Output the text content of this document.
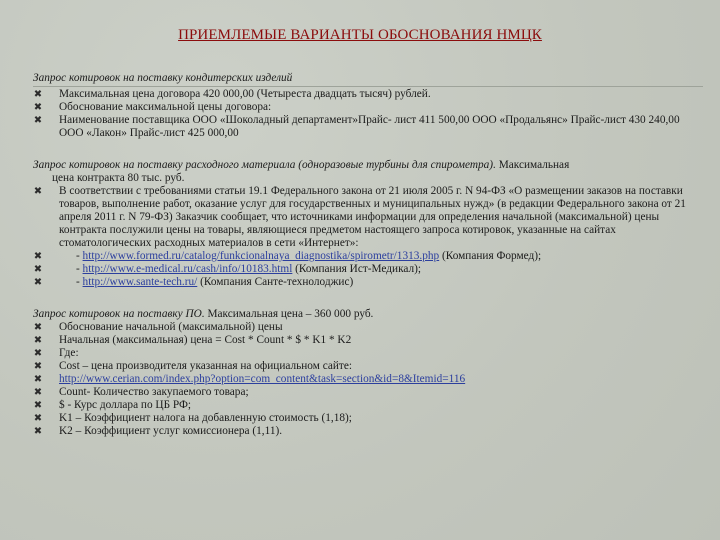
ПРИЕМЛЕМЫЕ ВАРИАНТЫ ОБОСНОВАНИЯ НМЦК
Запрос котировок на поставку кондитерских изделий
✖ Максимальная цена договора 420 000,00 (Четыреста двадцать тысяч) рублей.
✖ Обоснование максимальной цены договора:
✖ Наименование поставщика ООО «Шоколадный департамент»Прайс- лист 411 500,00 ООО «Продальянс» Прайс-лист 430 240,00 ООО «Лакон» Прайс-лист 425 000,00
Запрос котировок на поставку расходного материала (одноразовые турбины для спирометра). Максимальная
цена контракта 80 тыс. руб.
✖ В соответствии с требованиями статьи 19.1 Федерального закона от 21 июля 2005 г. N 94-ФЗ «О размещении заказов на поставки товаров, выполнение работ, оказание услуг для государственных и муниципальных нужд» (в редакции Федерального закона от 21 апреля 2011 г. N 79-ФЗ) Заказчик сообщает, что источниками информации для определения начальной (максимальной) цены контракта послужили цены на товары, являющиеся предметом настоящего запроса котировок, указанные на сайтах стоматологических расходных материалов в сети «Интернет»:
✖	- http://www.formed.ru/catalog/funkcionalnaya_diagnostika/spirometr/1313.php (Компания Формед);
✖	- http://www.e-medical.ru/cash/info/10183.html (Компания Ист-Медикал);
✖	- http://www.sante-tech.ru/ (Компания Санте-технолоджис)
Запрос котировок на поставку ПО. Максимальная цена – 360 000 руб.
✖ Обоснование начальной (максимальной) цены
✖ Начальная (максимальная) цена = Cost * Count * $ * K1 * K2
✖ Где:
✖ Cost – цена производителя указанная на официальном сайте:
✖ http://www.cerian.com/index.php?option=com_content&task=section&id=8&Itemid=116
✖ Count- Количество закупаемого товара;
✖ $ - Курс доллара по ЦБ РФ;
✖ K1 – Коэффициент налога на добавленную стоимость (1,18);
✖ K2 – Коэффициент услуг комиссионера (1,11).
